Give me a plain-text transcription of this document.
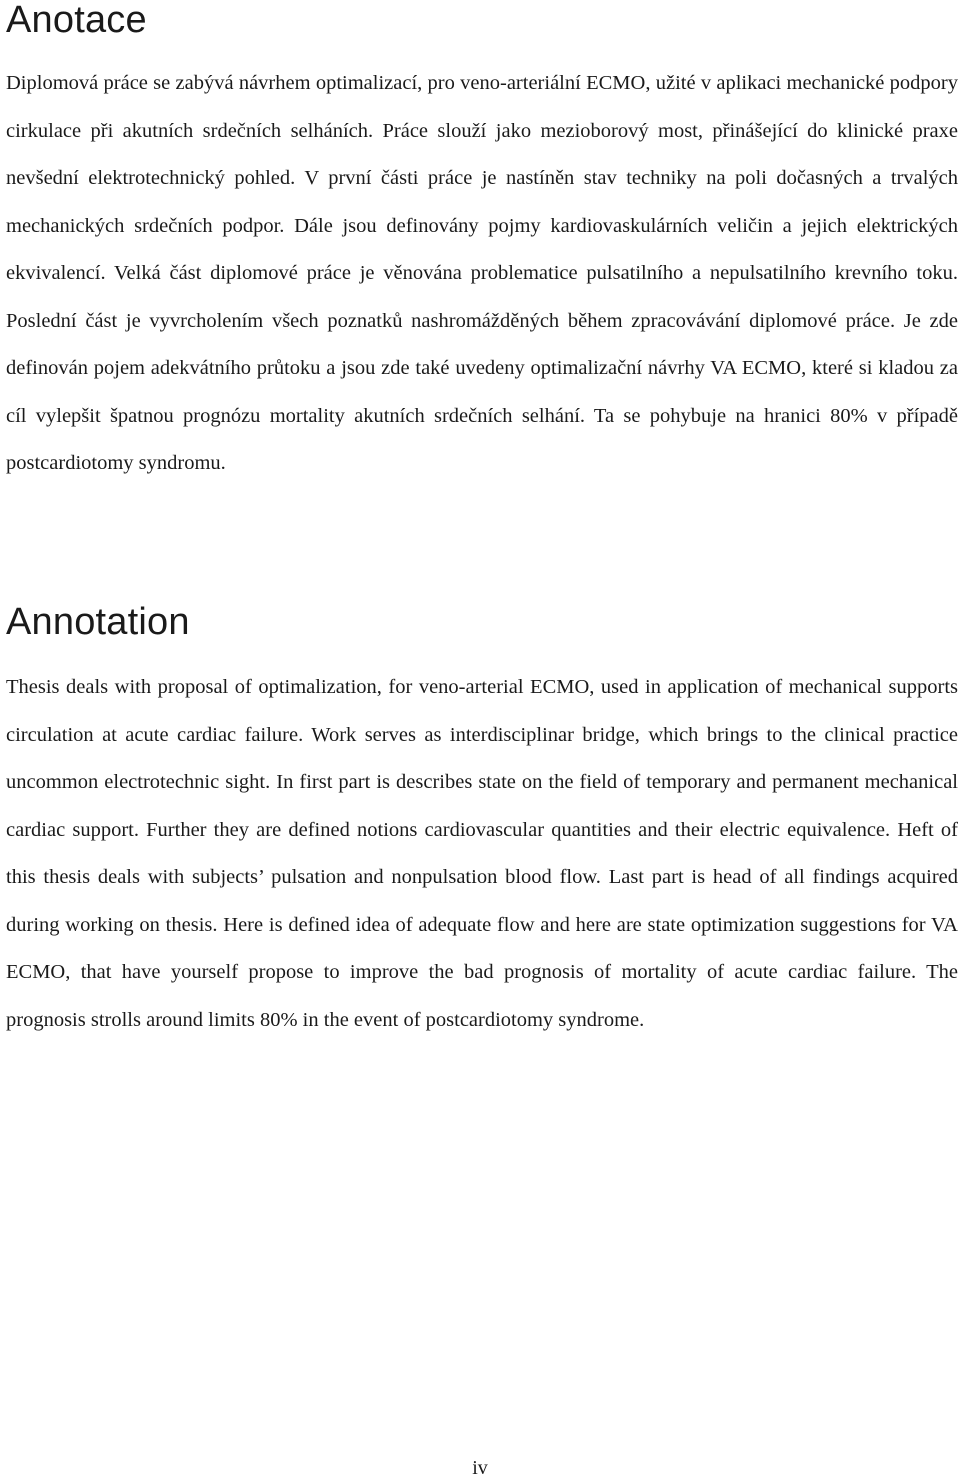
Anotace

Diplomová práce se zabývá návrhem optimalizací, pro veno-arteriální ECMO, užité v aplikaci mechanické podpory cirkulace při akutních srdečních selháních. Práce slouží jako mezioborový most, přinášející do klinické praxe nevšední elektrotechnický pohled. V první části práce je nastíněn stav techniky na poli dočasných a trvalých mechanických srdečních podpor. Dále jsou definovány pojmy kardiovaskulárních veličin a jejich elektrických ekvivalencí. Velká část diplomové práce je věnována problematice pulsatilního a nepulsatilního krevního toku. Poslední část je vyvrcholením všech poznatků nashromážděných během zpracovávání diplomové práce. Je zde definován pojem adekvátního průtoku a jsou zde také uvedeny optimalizační návrhy VA ECMO, které si kladou za cíl vylepšit špatnou prognózu mortality akutních srdečních selhání. Ta se pohybuje na hranici 80% v případě postcardiotomy syndromu.

Annotation

Thesis deals with proposal of optimalization, for veno-arterial ECMO, used in application of mechanical supports circulation at acute cardiac failure. Work serves as interdisciplinar bridge, which brings to the clinical practice uncommon electrotechnic sight. In first part is describes state on the field of temporary and permanent mechanical cardiac support. Further they are defined notions cardiovascular quantities and their electric equivalence. Heft of this thesis deals with subjects’ pulsation and nonpulsation blood flow. Last part is head of all findings acquired during working on thesis. Here is defined idea of adequate flow and here are state optimization suggestions for VA ECMO, that have yourself propose to improve the bad prognosis of mortality of acute cardiac failure. The prognosis strolls around limits 80% in the event of postcardiotomy syndrome.

iv
